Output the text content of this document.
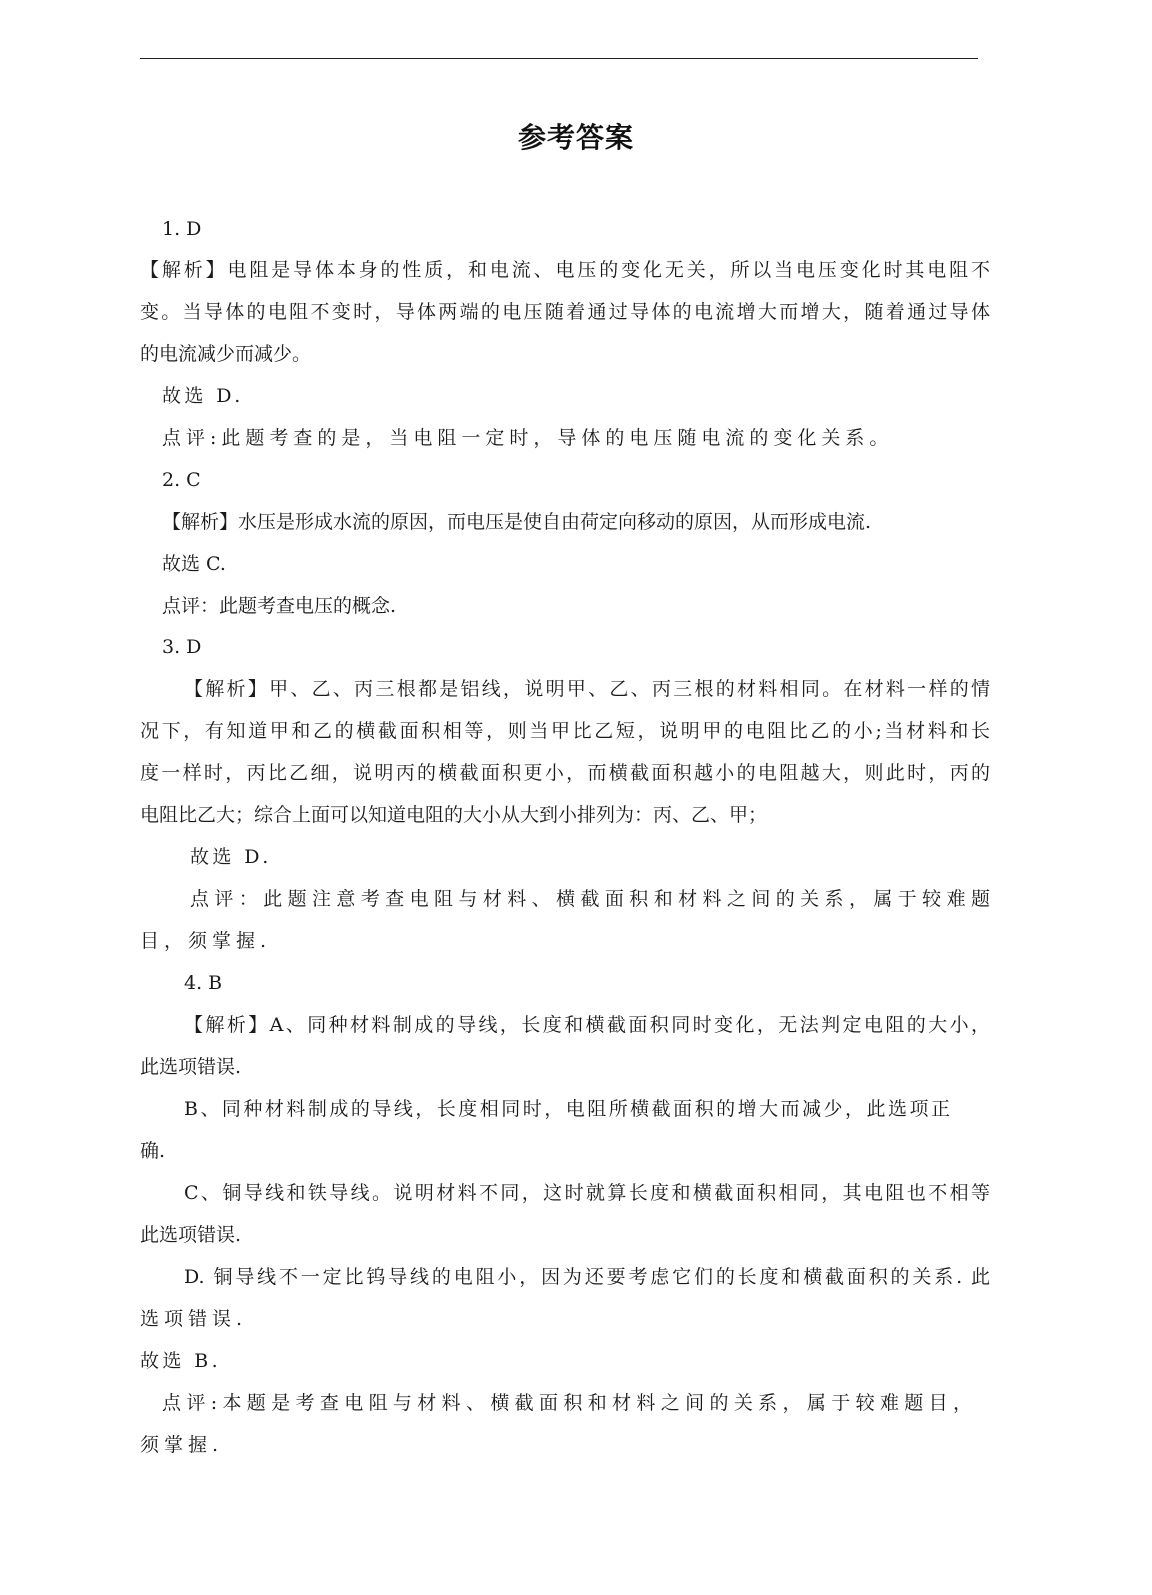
参考答案
1. D
【解析】电阻是导体本身的性质，和电流、电压的变化无关，所以当电压变化时其电阻不
变。当导体的电阻不变时，导体两端的电压随着通过导体的电流增大而增大，随着通过导体
的电流减少而减少。
故选 D.
点评:此题考查的是，当电阻一定时，导体的电压随电流的变化关系。
2. C
【解析】水压是形成水流的原因，而电压是使自由荷定向移动的原因，从而形成电流.
故选 C.
点评：此题考查电压的概念.
3. D
【解析】甲、乙、丙三根都是铝线，说明甲、乙、丙三根的材料相同。在材料一样的情
况下，有知道甲和乙的横截面积相等，则当甲比乙短，说明甲的电阻比乙的小;当材料和长
度一样时，丙比乙细，说明丙的横截面积更小，而横截面积越小的电阻越大，则此时，丙的
电阻比乙大；综合上面可以知道电阻的大小从大到小排列为：丙、乙、甲；
故选 D.
点评：此题注意考查电阻与材料、横截面积和材料之间的关系，属于较难题
目，须掌握.
4. B
【解析】A、同种材料制成的导线，长度和横截面积同时变化，无法判定电阻的大小，
此选项错误.
B、同种材料制成的导线，长度相同时，电阻所横截面积的增大而减少，此选项正
确.
C、铜导线和铁导线。说明材料不同，这时就算长度和横截面积相同，其电阻也不相等
此选项错误.
D. 铜导线不一定比钨导线的电阻小，因为还要考虑它们的长度和横截面积的关系. 此
选项错误.
故选 B.
点评:本题是考查电阻与材料、横截面积和材料之间的关系，属于较难题目，
须掌握.
